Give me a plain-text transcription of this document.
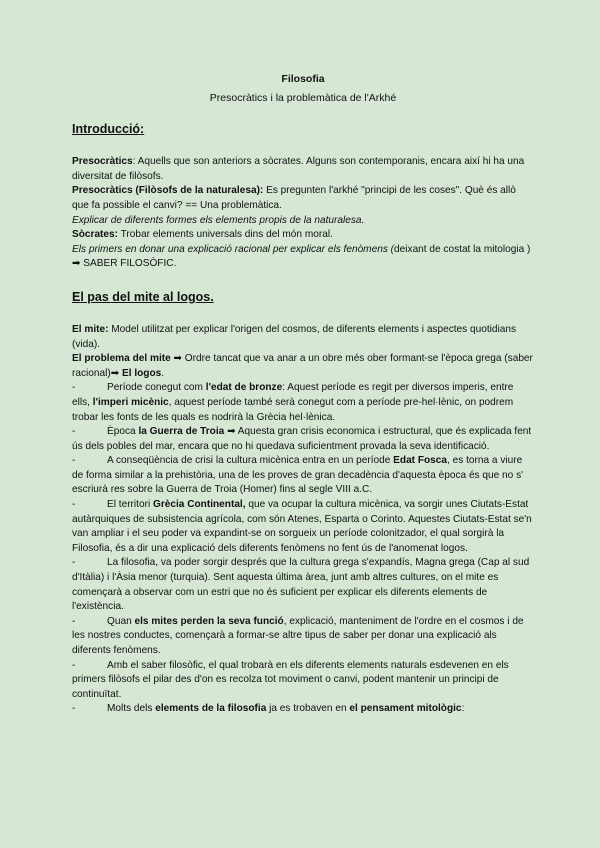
Filosofia

Presocràtics i la problemàtica de l'Arkhé

Introducció:

Presocràtics: Aquells que son anteriors a sòcrates. Alguns son contemporanis, encara així hi ha una diversitat de filòsofs.

Presocràtics (Filòsofs de la naturalesa): Es pregunten l'arkhé "principi de les coses". Què és allò que fa possible el canvi? == Una problemàtica.

Explicar de diferents formes els elements propis de la naturalesa.

Sòcrates: Trobar elements universals dins del món moral.

Els primers en donar una explicació racional per explicar els fenòmens (deixant de costat la mitologia ) ➡ SABER FILOSÒFIC.

El pas del mite al logos.

El mite: Model utilitzat per explicar l'origen del cosmos, de diferents elements i aspectes quotidians (vida).

El problema del mite ➡ Ordre tancat que va anar a un obre més ober formant-se l'època grega (saber racional)➡ El logos.

-	Període conegut com l'edat de bronze: Aquest període es regit per diversos imperis, entre ells, l'imperi micènic, aquest període també serà conegut com a període pre-hel·lènic, on podrem trobar les fonts de les quals es nodrirà la Grècia hel·lènica.

-	Època la Guerra de Troia ➡ Aquesta gran crisis economica i estructural, que és explicada fent ús dels pobles del mar, encara que no hi quedava suficientment provada la seva identificació.

-	A conseqüència de crisi la cultura micènica entra en un període Edat Fosca, es torna a viure de forma similar a la prehistòria, una de les proves de gran decadència d'aquesta època és que no s' escriurà res sobre la Guerra de Troia (Homer) fins al segle VIII a.C.

-	El territori Grècia Continental, que va ocupar la cultura micènica, va sorgir unes Ciutats-Estat autàrquiques de subsistencia agrícola, com són Atenes, Esparta o Corinto. Aquestes Ciutats-Estat se'n van ampliar i el seu poder va expandint-se on sorgueix un període colonitzador, el qual sorgirà la Filosofia, és a dir una explicació dels diferents fenòmens no fent ús de l'anomenat logos.

-	La filosofia, va poder sorgir després que la cultura grega s'expandís, Magna grega (Cap al sud d'Itàlia) i l'Àsia menor (turquia). Sent aquesta última àrea, junt amb altres cultures, on el mite es començarà a observar com un estri que no és suficient per explicar els diferents elements de l'existència.

-	Quan els mites perden la seva funció, explicació, manteniment de l'ordre en el cosmos i de les nostres conductes, començarà a formar-se altre tipus de saber per donar una explicació als diferents fenòmens.

-	Amb el saber filosòfic, el qual trobarà en els diferents elements naturals esdevenen en els primers filòsofs el pilar des d'on es recolza tot moviment o canvi, podent mantenir un principi de continuïtat.

-	Molts dels elements de la filosofia ja es trobaven en el pensament mitològic:
